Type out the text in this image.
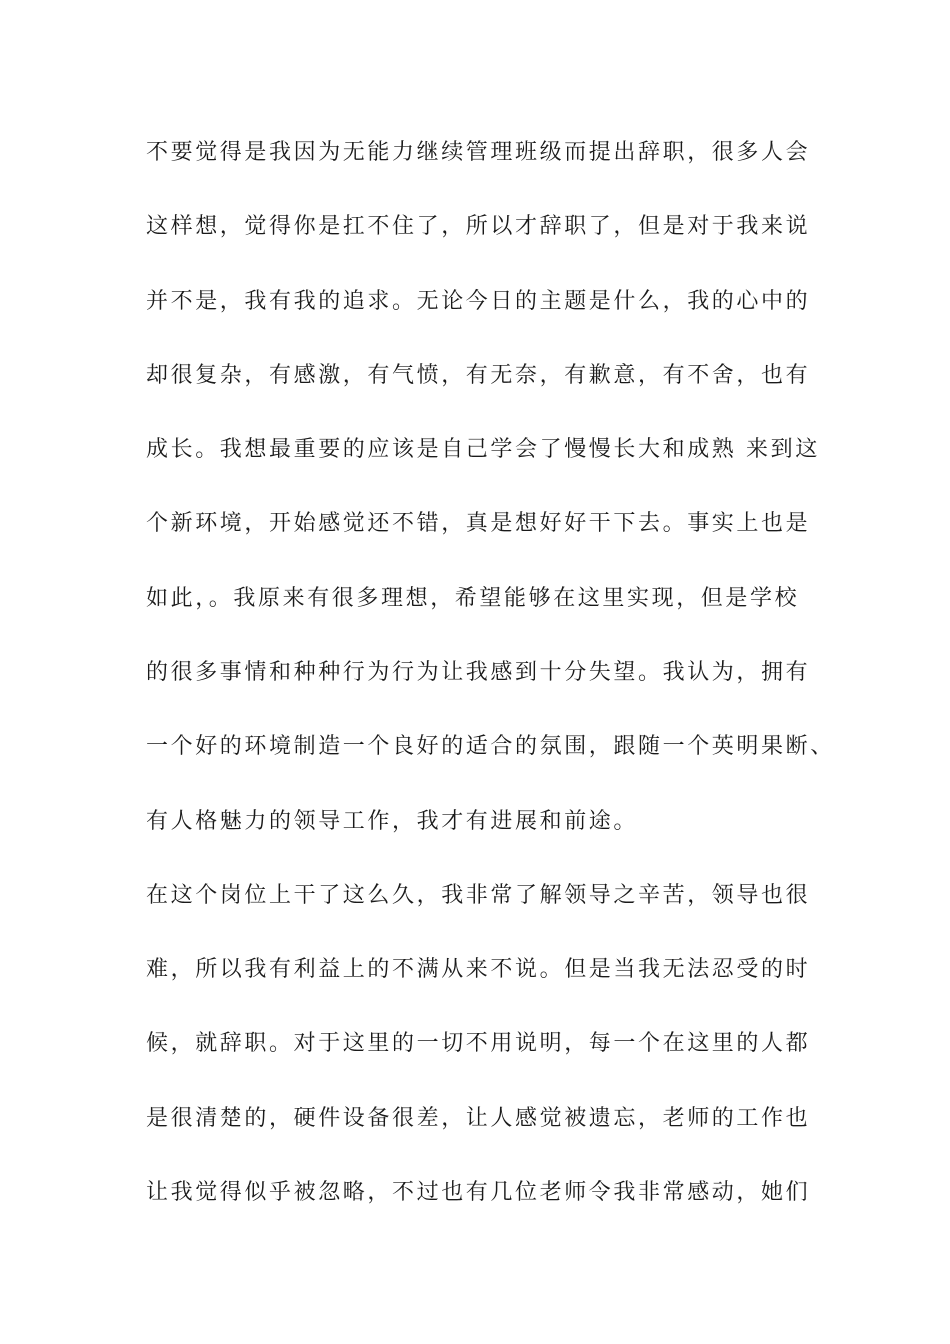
不要觉得是我因为无能力继续管理班级而提出辞职，很多人会
这样想，觉得你是扛不住了，所以才辞职了，但是对于我来说
并不是，我有我的追求。无论今日的主题是什么，我的心中的
却很复杂，有感激，有气愤，有无奈，有歉意，有不舍，也有
成长。我想最重要的应该是自己学会了慢慢长大和成熟 来到这
个新环境，开始感觉还不错，真是想好好干下去。事实上也是
如此，。我原来有很多理想，希望能够在这里实现，但是学校
的很多事情和种种行为行为让我感到十分失望。我认为，拥有
一个好的环境制造一个良好的适合的氛围，跟随一个英明果断、
有人格魅力的领导工作，我才有进展和前途。
在这个岗位上干了这么久，我非常了解领导之辛苦，领导也很
难，所以我有利益上的不满从来不说。但是当我无法忍受的时
候，就辞职。对于这里的一切不用说明，每一个在这里的人都
是很清楚的，硬件设备很差，让人感觉被遗忘，老师的工作也
让我觉得似乎被忽略，不过也有几位老师令我非常感动，她们
